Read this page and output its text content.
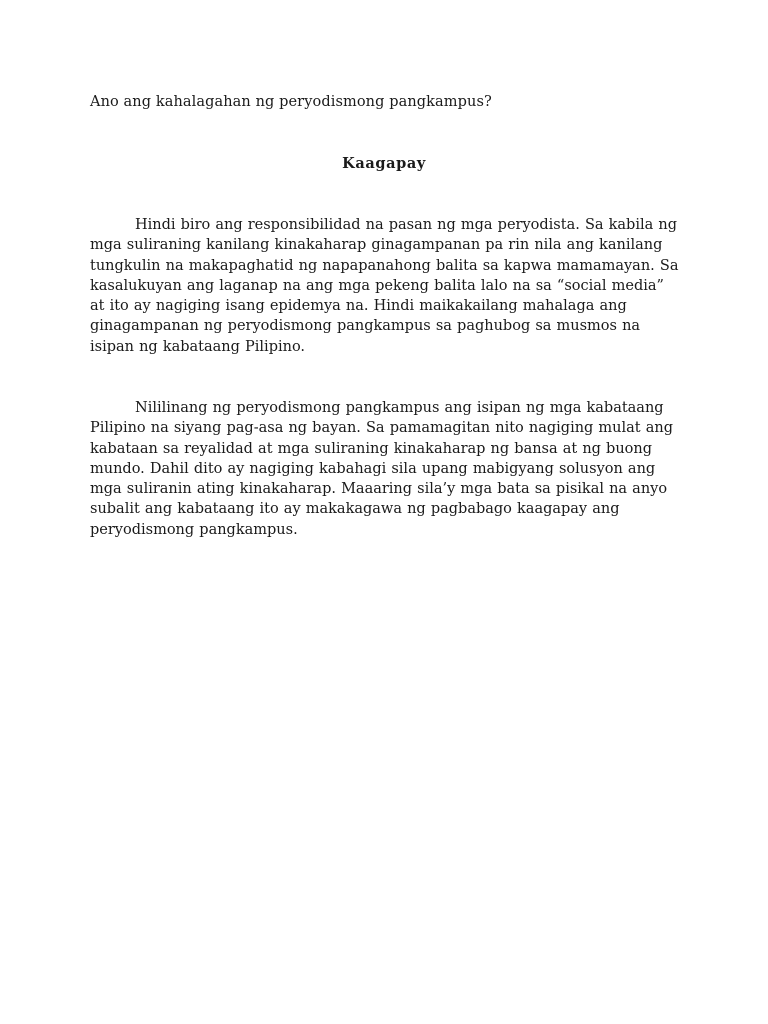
Ano ang kahalagahan ng peryodismong pangkampus?

Kaagapay

Hindi biro ang responsibilidad na pasan ng mga peryodista. Sa kabila ng mga suliraning kanilang kinakaharap ginagampanan pa rin nila ang kanilang tungkulin na makapaghatid ng napapanahong balita sa kapwa mamamayan. Sa kasalukuyan ang laganap na ang mga pekeng balita lalo na sa “social media” at ito ay nagiging isang epidemya na. Hindi maikakailang mahalaga ang ginagampanan ng peryodismong pangkampus sa paghubog sa musmos na isipan ng kabataang Pilipino.

Nililinang ng peryodismong pangkampus ang isipan ng mga kabataang Pilipino na siyang pag-asa ng bayan. Sa pamamagitan nito nagiging mulat ang kabataan sa reyalidad at mga suliraning kinakaharap ng bansa at ng buong mundo. Dahil dito ay nagiging kabahagi sila upang mabigyang solusyon ang mga suliranin ating kinakaharap. Maaaring sila’y mga bata sa pisikal na anyo subalit ang kabataang ito ay makakagawa ng pagbabago kaagapay ang peryodismong pangkampus.
